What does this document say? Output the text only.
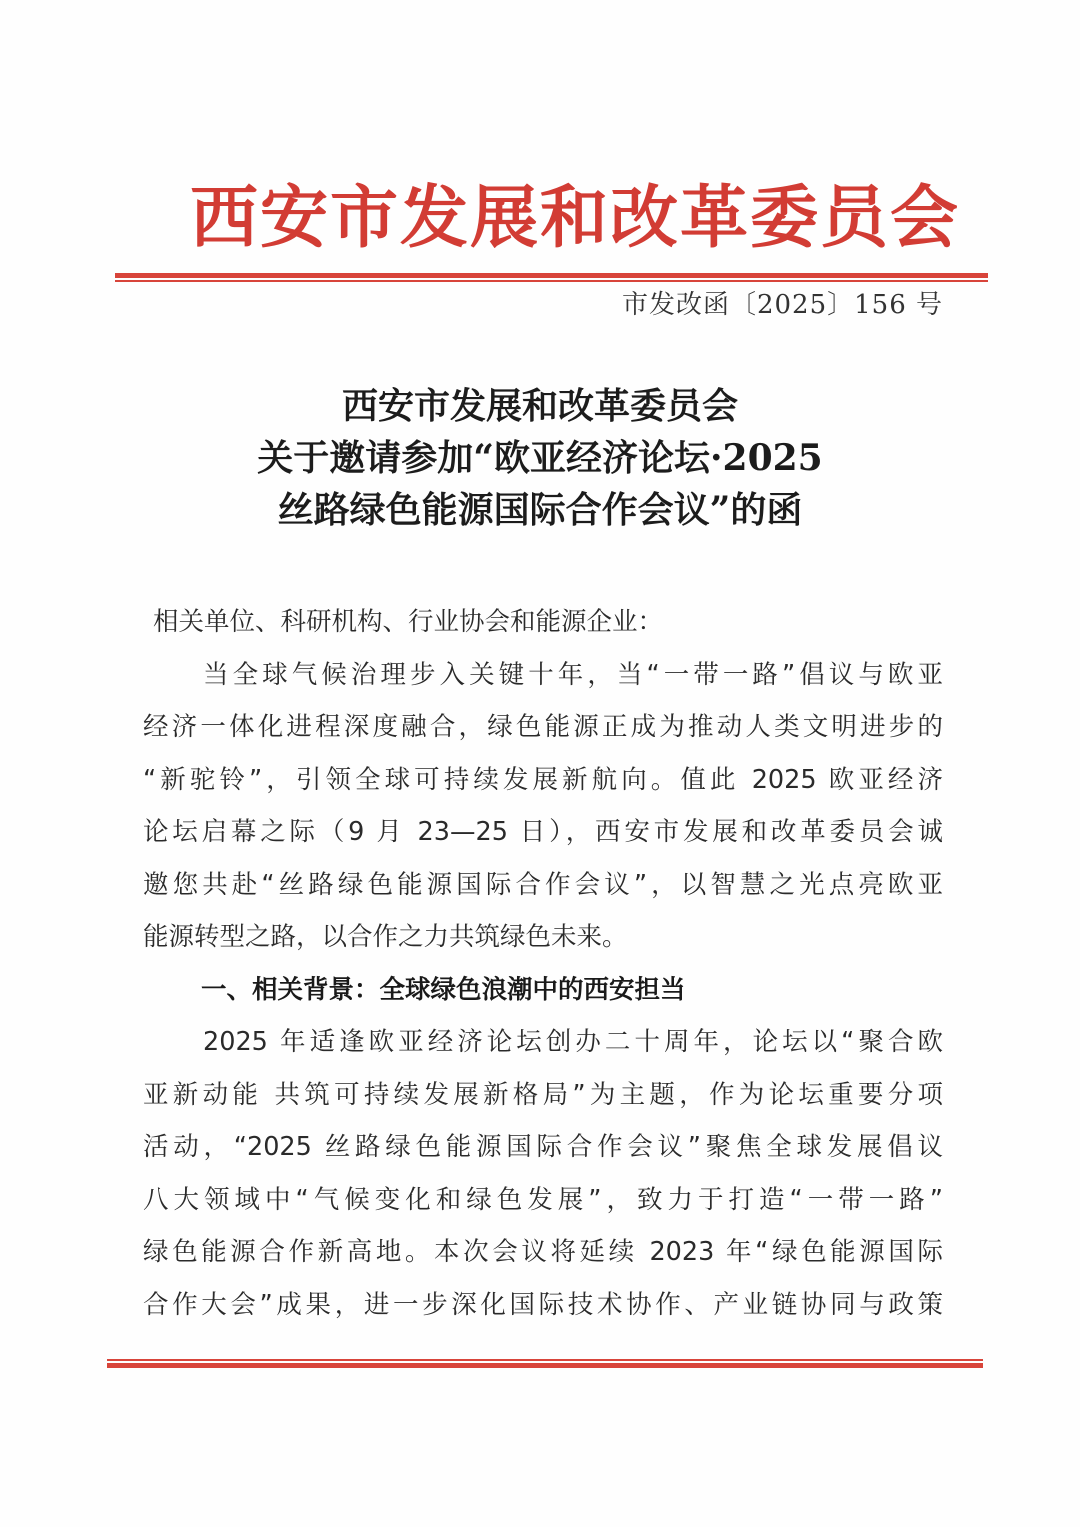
西安市发展和改革委员会
市发改函〔2025〕156 号
西安市发展和改革委员会
关于邀请参加“欧亚经济论坛·2025
丝路绿色能源国际合作会议”的函
相关单位、科研机构、行业协会和能源企业：
当全球气候治理步入关键十年，当“一带一路”倡议与欧亚
经济一体化进程深度融合，绿色能源正成为推动人类文明进步的
“新驼铃”，引领全球可持续发展新航向。值此 2025 欧亚经济
论坛启幕之际（9 月 23—25 日），西安市发展和改革委员会诚
邀您共赴“丝路绿色能源国际合作会议”，以智慧之光点亮欧亚
能源转型之路，以合作之力共筑绿色未来。
一、相关背景：全球绿色浪潮中的西安担当
2025 年适逢欧亚经济论坛创办二十周年，论坛以“聚合欧
亚新动能 共筑可持续发展新格局”为主题，作为论坛重要分项
活动，“2025 丝路绿色能源国际合作会议”聚焦全球发展倡议
八大领域中“气候变化和绿色发展”，致力于打造“一带一路”
绿色能源合作新高地。本次会议将延续 2023 年“绿色能源国际
合作大会”成果，进一步深化国际技术协作、产业链协同与政策
